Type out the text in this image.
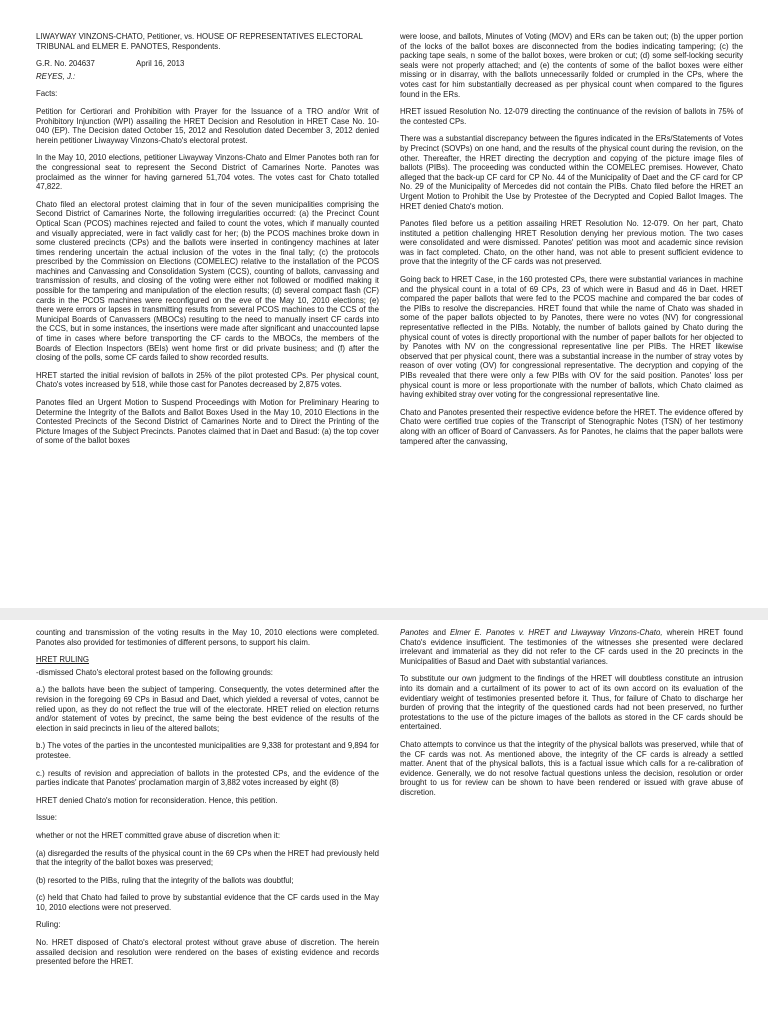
LIWAYWAY VINZONS-CHATO, Petitioner, vs. HOUSE OF REPRESENTATIVES ELECTORAL TRIBUNAL and ELMER E. PANOTES, Respondents.

G.R. No. 204637	April 16, 2013

REYES, J.:

Facts:

Petition for Certiorari and Prohibition with Prayer for the Issuance of a TRO and/or Writ of Prohibitory Injunction (WPI) assailing the HRET Decision and Resolution in HRET Case No. 10-040 (EP). The Decision dated October 15, 2012 and Resolution dated December 3, 2012 denied herein petitioner Liwayway Vinzons-Chato's electoral protest.

In the May 10, 2010 elections, petitioner Liwayway Vinzons-Chato and Elmer Panotes both ran for the congressional seat to represent the Second District of Camarines Norte. Panotes was proclaimed as the winner for having garnered 51,704 votes. The votes cast for Chato totalled 47,822.

Chato filed an electoral protest claiming that in four of the seven municipalities comprising the Second District of Camarines Norte, the following irregularities occurred: (a) the Precinct Count Optical Scan (PCOS) machines rejected and failed to count the votes, which if manually counted and visually appreciated, were in fact validly cast for her; (b) the PCOS machines broke down in some clustered precincts (CPs) and the ballots were inserted in contingency machines at later times rendering uncertain the actual inclusion of the votes in the final tally; (c) the protocols prescribed by the Commission on Elections (COMELEC) relative to the installation of the PCOS machines and Canvassing and Consolidation System (CCS), counting of ballots, canvassing and transmission of results, and closing of the voting were either not followed or modified making it possible for the tampering and manipulation of the election results; (d) several compact flash (CF) cards in the PCOS machines were reconfigured on the eve of the May 10, 2010 elections; (e) there were errors or lapses in transmitting results from several PCOS machines to the CCS of the Municipal Boards of Canvassers (MBOCs) resulting to the need to manually insert CF cards into the CCS, but in some instances, the insertions were made after significant and unaccounted lapse of time in cases where before transporting the CF cards to the MBOCs, the members of the Boards of Election Inspectors (BEIs) went home first or did private business; and (f) after the closing of the polls, some CF cards failed to show recorded results.

HRET started the initial revision of ballots in 25% of the pilot protested CPs. Per physical count, Chato's votes increased by 518, while those cast for Panotes decreased by 2,875 votes.

Panotes filed an Urgent Motion to Suspend Proceedings with Motion for Preliminary Hearing to Determine the Integrity of the Ballots and Ballot Boxes Used in the May 10, 2010 Elections in the Contested Precincts of the Second District of Camarines Norte and to Direct the Printing of the Picture Images of the Subject Precincts. Panotes claimed that in Daet and Basud: (a) the top cover of some of the ballot boxes

were loose, and ballots, Minutes of Voting (MOV) and ERs can be taken out; (b) the upper portion of the locks of the ballot boxes are disconnected from the bodies indicating tampering; (c) the packing tape seals, n some of the ballot boxes, were broken or cut; (d) some self-locking security seals were not properly attached; and (e) the contents of some of the ballot boxes were either missing or in disarray, with the ballots unnecessarily folded or crumpled in the CPs, where the votes cast for him substantially decreased as per physical count when compared to the figures found in the ERs.

HRET issued Resolution No. 12-079 directing the continuance of the revision of ballots in 75% of the contested CPs.

There was a substantial discrepancy between the figures indicated in the ERs/Statements of Votes by Precinct (SOVPs) on one hand, and the results of the physical count during the revision, on the other. Thereafter, the HRET directing the decryption and copying of the picture image files of ballots (PIBs). The proceeding was conducted within the COMELEC premises. However, Chato alleged that the back-up CF card for CP No. 44 of the Municipality of Daet and the CF card for CP No. 29 of the Municipality of Mercedes did not contain the PIBs. Chato filed before the HRET an Urgent Motion to Prohibit the Use by Protestee of the Decrypted and Copied Ballot Images. The HRET denied Chato's motion.

Panotes filed before us a petition assailing HRET Resolution No. 12-079. On her part, Chato instituted a petition challenging HRET Resolution denying her previous motion. The two cases were consolidated and were dismissed. Panotes' petition was moot and academic since revision was in fact completed. Chato, on the other hand, was not able to present sufficient evidence to prove that the integrity of the CF cards was not preserved.

Going back to HRET Case, in the 160 protested CPs, there were substantial variances in machine and the physical count in a total of 69 CPs, 23 of which were in Basud and 46 in Daet. HRET compared the paper ballots that were fed to the PCOS machine and compared the bar codes of the PIBs to resolve the discrepancies. HRET found that while the name of Chato was shaded in some of the paper ballots objected to by Panotes, there were no votes (NV) for congressional representative reflected in the PIBs. Notably, the number of ballots gained by Chato during the physical count of votes is directly proportional with the number of paper ballots for her objected to by Panotes with NV on the congressional representative line per PIBs. The HRET likewise observed that per physical count, there was a substantial increase in the number of stray votes by reason of over voting (OV) for congressional representative. The decryption and copying of the PIBs revealed that there were only a few PIBs with OV for the said position. Panotes' loss per physical count is more or less proportionate with the number of ballots, which Chato claimed as having exhibited stray over voting for the congressional representative line.

Chato and Panotes presented their respective evidence before the HRET. The evidence offered by Chato were certified true copies of the Transcript of Stenographic Notes (TSN) of her testimony along with an officer of Board of Canvassers. As for Panotes, he claims that the paper ballots were tampered after the canvassing,

counting and transmission of the voting results in the May 10, 2010 elections were completed. Panotes also provided for testimonies of different persons, to support his claim.

HRET RULING

-dismissed Chato's electoral protest based on the following grounds:

a.) the ballots have been the subject of tampering. Consequently, the votes determined after the revision in the foregoing 69 CPs in Basud and Daet, which yielded a reversal of votes, cannot be relied upon, as they do not reflect the true will of the electorate. HRET relied on election returns and/or statement of votes by precinct, the same being the best evidence of the results of the election in said precincts in lieu of the altered ballots;

b.) The votes of the parties in the uncontested municipalities are 9,338 for protestant and 9,894 for protestee.

c.) results of revision and appreciation of ballots in the protested CPs, and the evidence of the parties indicate that Panotes' proclamation margin of 3,882 votes increased by eight (8)

HRET denied Chato's motion for reconsideration. Hence, this petition.

Issue:

whether or not the HRET committed grave abuse of discretion when it:

(a) disregarded the results of the physical count in the 69 CPs when the HRET had previously held that the integrity of the ballot boxes was preserved;

(b) resorted to the PIBs, ruling that the integrity of the ballots was doubtful;

(c) held that Chato had failed to prove by substantial evidence that the CF cards used in the May 10, 2010 elections were not preserved.

Ruling:

No. HRET disposed of Chato's electoral protest without grave abuse of discretion. The herein assailed decision and resolution were rendered on the bases of existing evidence and records presented before the HRET.

Panotes and Elmer E. Panotes v. HRET and Liwayway Vinzons-Chato, wherein HRET found Chato's evidence insufficient. The testimonies of the witnesses she presented were declared irrelevant and immaterial as they did not refer to the CF cards used in the 20 precincts in the Municipalities of Basud and Daet with substantial variances.

To substitute our own judgment to the findings of the HRET will doubtless constitute an intrusion into its domain and a curtailment of its power to act of its own accord on its evaluation of the evidentiary weight of testimonies presented before it. Thus, for failure of Chato to discharge her burden of proving that the integrity of the questioned cards had not been preserved, no further protestations to the use of the picture images of the ballots as stored in the CF cards should be entertained.

Chato attempts to convince us that the integrity of the physical ballots was preserved, while that of the CF cards was not. As mentioned above, the integrity of the CF cards is already a settled matter. Anent that of the physical ballots, this is a factual issue which calls for a re-calibration of evidence. Generally, we do not resolve factual questions unless the decision, resolution or order brought to us for review can be shown to have been rendered or issued with grave abuse of discretion.
